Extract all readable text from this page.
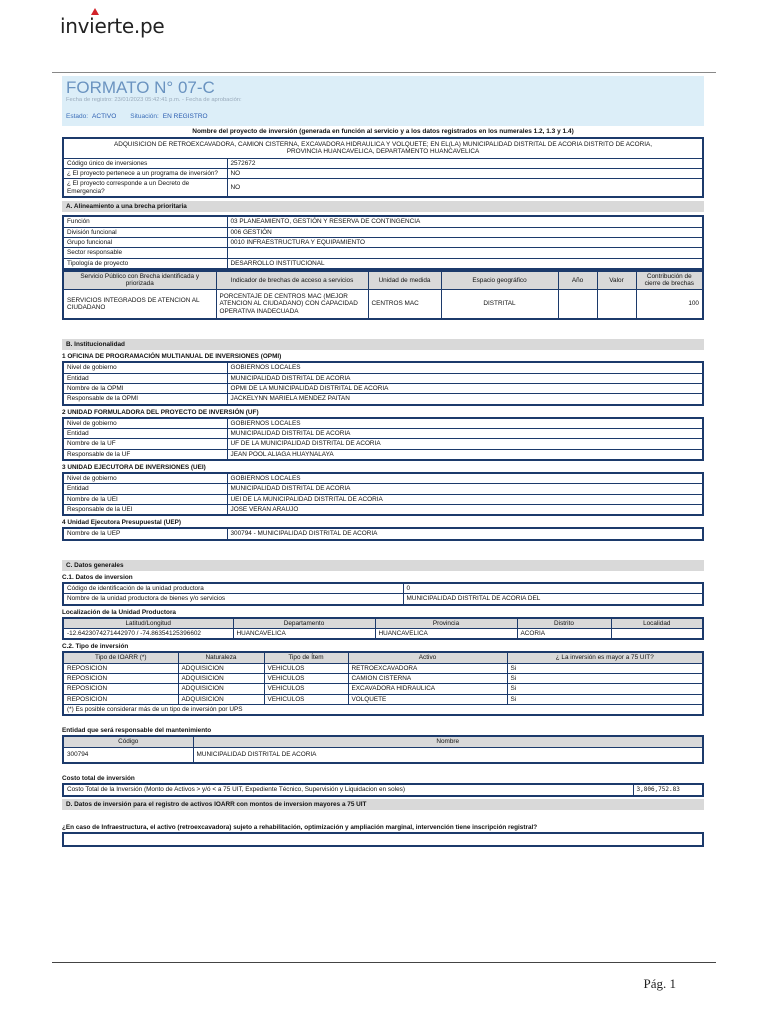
inv
ierte.pe
FORMATO N° 07-C
Fecha de registro: 23/01/2023 05:42:41 p.m. - Fecha de aprobación:
Estado: ACTIVO Situación: EN REGISTRO
Nombre del proyecto de inversión (generada en función al servicio y a los datos registrados en los numerales 1.2, 1.3 y 1.4)
ADQUISICION DE RETROEXCAVADORA, CAMION CISTERNA, EXCAVADORA HIDRAULICA Y VOLQUETE; EN EL(LA) MUNICIPALIDAD DISTRITAL DE ACORIA DISTRITO DE ACORIA, PROVINCIA HUANCAVELICA, DEPARTAMENTO HUANCAVELICA	
Código único de inversiones	2572672
¿ El proyecto pertenece a un programa de inversión?	NO
¿ El proyecto corresponde a un Decreto de Emergencia?	NO
A. Alineamiento a una brecha prioritaria
Función	03 PLANEAMIENTO, GESTIÓN Y RESERVA DE CONTINGENCIA
División funcional	006 GESTIÓN
Grupo funcional	0010 INFRAESTRUCTURA Y EQUIPAMIENTO
Sector responsable	
Tipología de proyecto	DESARROLLO INSTITUCIONAL
Servicio Público con Brecha identificada y priorizada	Indicador de brechas de acceso a servicios	Unidad de medida	Espacio geográfico	Año	Valor	Contribución de cierre de brechas
SERVICIOS INTEGRADOS DE ATENCION AL CIUDADANO	PORCENTAJE DE CENTROS MAC (MEJOR ATENCION AL CIUDADANO) CON CAPACIDAD OPERATIVA INADECUADA	CENTROS MAC	DISTRITAL			100
B. Institucionalidad
1 OFICINA DE PROGRAMACIÓN MULTIANUAL DE INVERSIONES (OPMI)
Nivel de gobierno	GOBIERNOS LOCALES
Entidad	MUNICIPALIDAD DISTRITAL DE ACORIA
Nombre de la OPMI	OPMI DE LA MUNICIPALIDAD DISTRITAL DE ACORIA
Responsable de la OPMI	JACKELYNN MARIELA MENDEZ PAITAN
2 UNIDAD FORMULADORA DEL PROYECTO DE INVERSIÓN (UF)
Nivel de gobierno	GOBIERNOS LOCALES
Entidad	MUNICIPALIDAD DISTRITAL DE ACORIA
Nombre de la UF	UF DE LA MUNICIPALIDAD DISTRITAL DE ACORIA
Responsable de la UF	JEAN POOL ALIAGA HUAYNALAYA
3 UNIDAD EJECUTORA DE INVERSIONES (UEI)
Nivel de gobierno	GOBIERNOS LOCALES
Entidad	MUNICIPALIDAD DISTRITAL DE ACORIA
Nombre de la UEI	UEI DE LA MUNICIPALIDAD DISTRITAL DE ACORIA
Responsable de la UEI	JOSE VERAN ARAUJO
4 Unidad Ejecutora Presupuestal (UEP)
Nombre de la UEP	300794 - MUNICIPALIDAD DISTRITAL DE ACORIA
C. Datos generales
C.1. Datos de inversion
Código de identificación de la unidad productora	0
Nombre de la unidad productora de bienes y/o servicios	MUNICIPALIDAD DISTRITAL DE ACORIA DEL
Localización de la Unidad Productora
Latitud/Longitud	Departamento	Provincia	Distrito	Localidad
-12.6423074271442970 / -74.86354125396602	HUANCAVELICA	HUANCAVELICA	ACORIA	
C.2. Tipo de inversión
Tipo de IOARR (*)	Naturaleza	Tipo de Ítem	Activo	¿ La inversión es mayor a 75 UIT?
REPOSICION	ADQUISICION	VEHICULOS	RETROEXCAVADORA	Si
REPOSICION	ADQUISICION	VEHICULOS	CAMION CISTERNA	Si
REPOSICION	ADQUISICION	VEHICULOS	EXCAVADORA HIDRAULICA	Si
REPOSICION	ADQUISICION	VEHICULOS	VOLQUETE	Si
(*) Es posible considerar más de un tipo de inversión por UPS				
Entidad que será responsable del mantenimiento
Código	Nombre
300794	MUNICIPALIDAD DISTRITAL DE ACORIA
Costo total de inversión
Costo Total de la Inversión (Monto de Activos > y/ó < a 75 UIT, Expediente Técnico, Supervisión y Liquidacion en soles)	3,806,752.83
D. Datos de inversión para el registro de activos IOARR con montos de inversion mayores a 75 UIT
¿En caso de Infraestructura, el activo (retroexcavadora) sujeto a rehabilitación, optimización y ampliación marginal, intervención tiene inscripción registral?
Pág. 1
